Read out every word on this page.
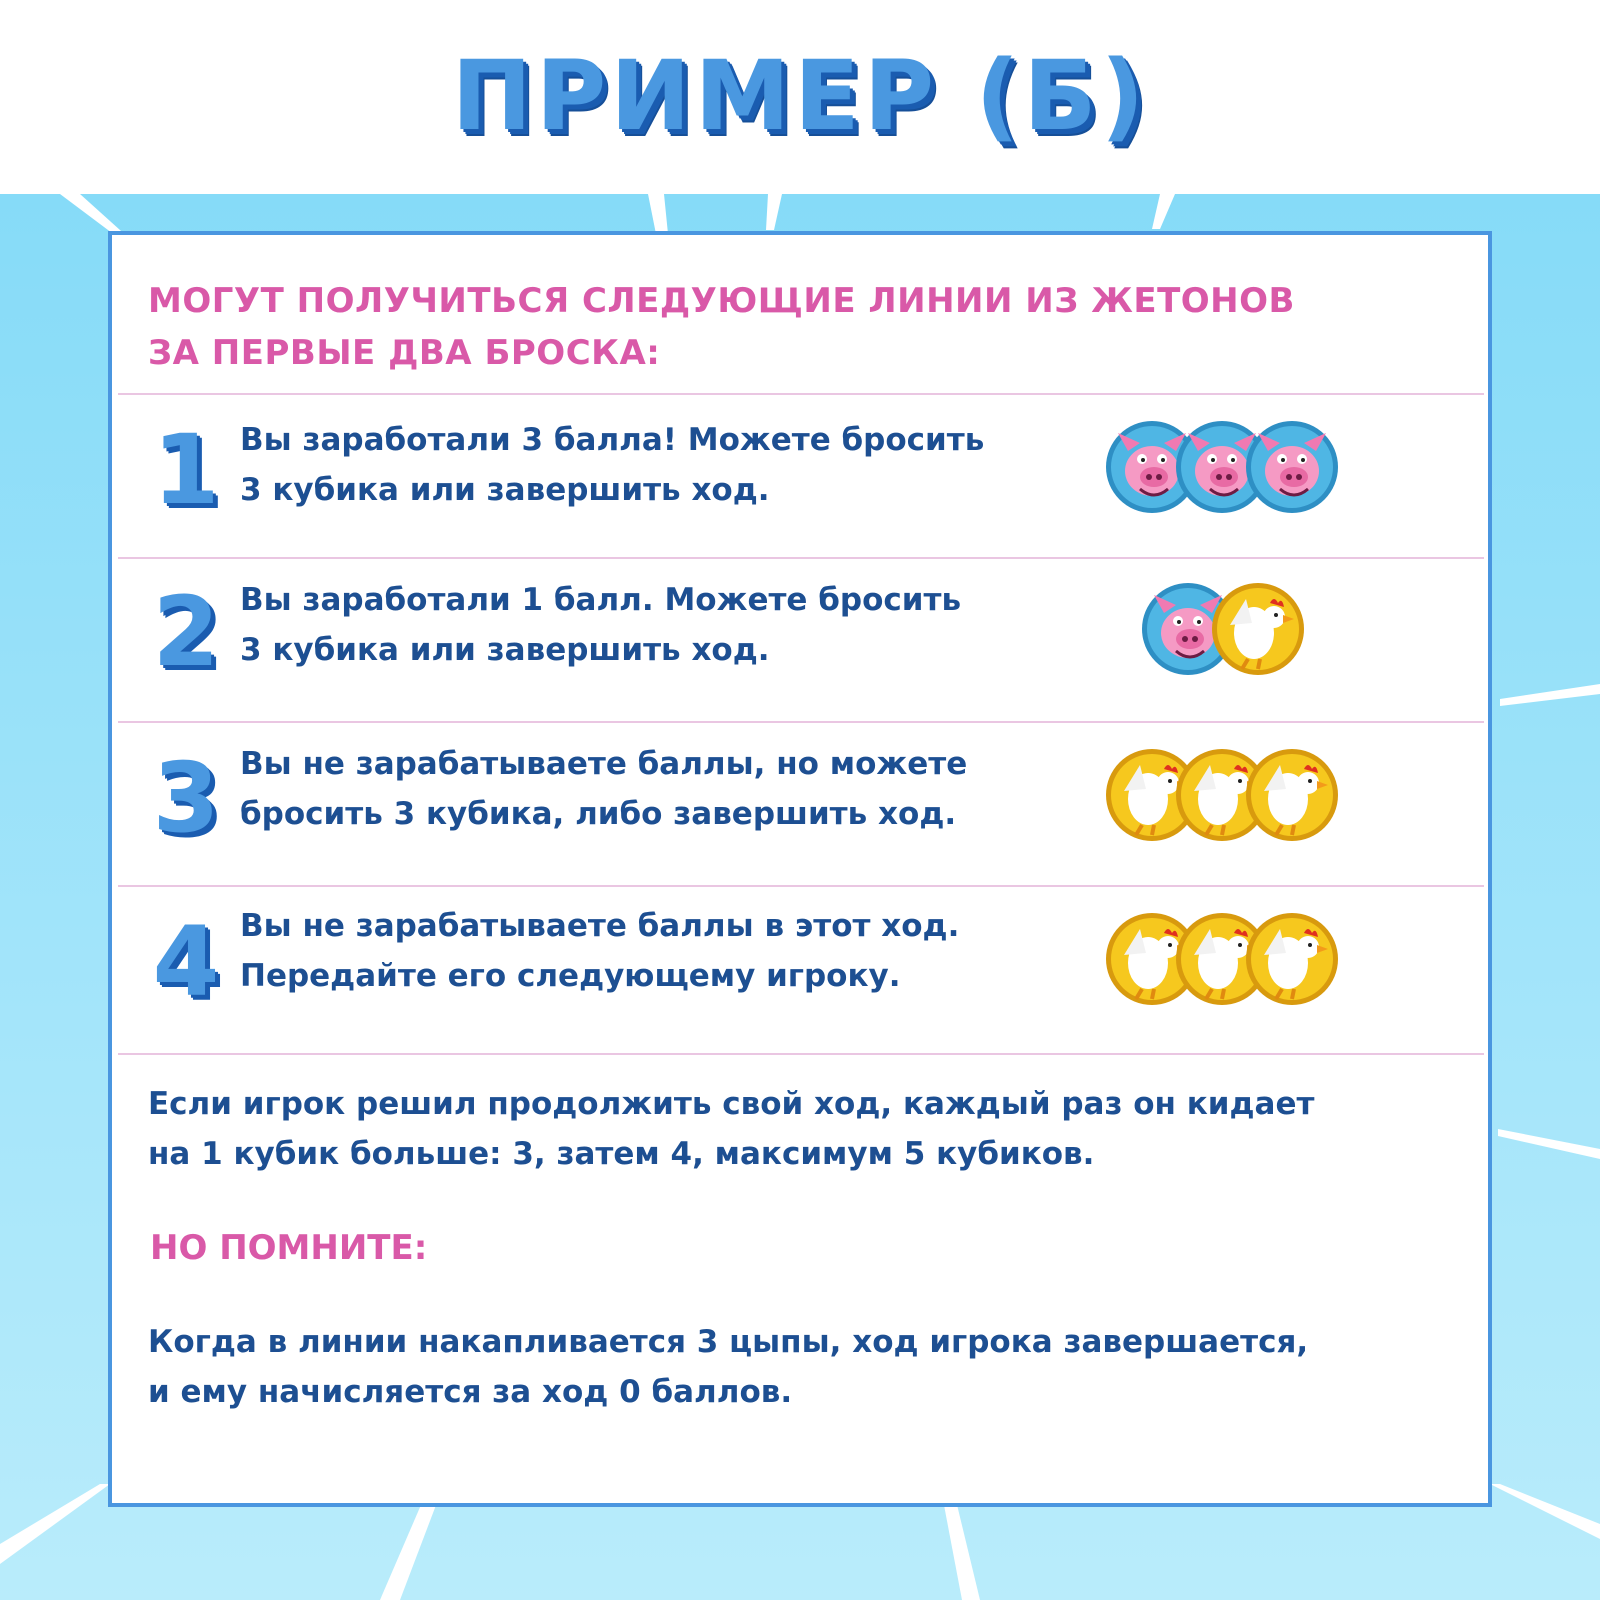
ПРИМЕР (Б)
МОГУТ ПОЛУЧИТЬСЯ СЛЕДУЮЩИЕ ЛИНИИ ИЗ ЖЕТОНОВ
ЗА ПЕРВЫЕ ДВА БРОСКА:
1 Вы заработали 3 балла! Можете бросить
3 кубика или завершить ход.
2 Вы заработали 1 балл. Можете бросить
3 кубика или завершить ход.
3 Вы не зарабатываете баллы, но можете
бросить 3 кубика, либо завершить ход.
4 Вы не зарабатываете баллы в этот ход.
Передайте его следующему игроку.
Если игрок решил продолжить свой ход, каждый раз он кидает
на 1 кубик больше: 3, затем 4, максимум 5 кубиков.
НО ПОМНИТЕ:
Когда в линии накапливается 3 цыпы, ход игрока завершается,
и ему начисляется за ход 0 баллов.
